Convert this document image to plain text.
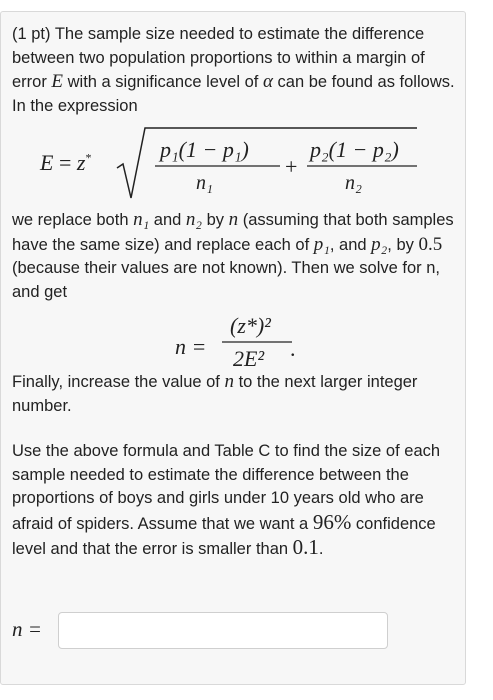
(1 pt) The sample size needed to estimate the difference between two population proportions to within a margin of error E with a significance level of α can be found as follows. In the expression
E = z*	p₁(1 − p₁)
n₁
+
p₂(1 − p₂)
n₂
we replace both n₁ and n₂ by n (assuming that both samples have the same size) and replace each of p₁, and p₂, by 0.5 (because their values are not known). Then we solve for n, and get
n =
(z*)²
2E² .
Finally, increase the value of n to the next larger integer number.
Use the above formula and Table C to find the size of each sample needed to estimate the difference between the proportions of boys and girls under 10 years old who are afraid of spiders. Assume that we want a 96% confidence level and that the error is smaller than 0.1.
n =
